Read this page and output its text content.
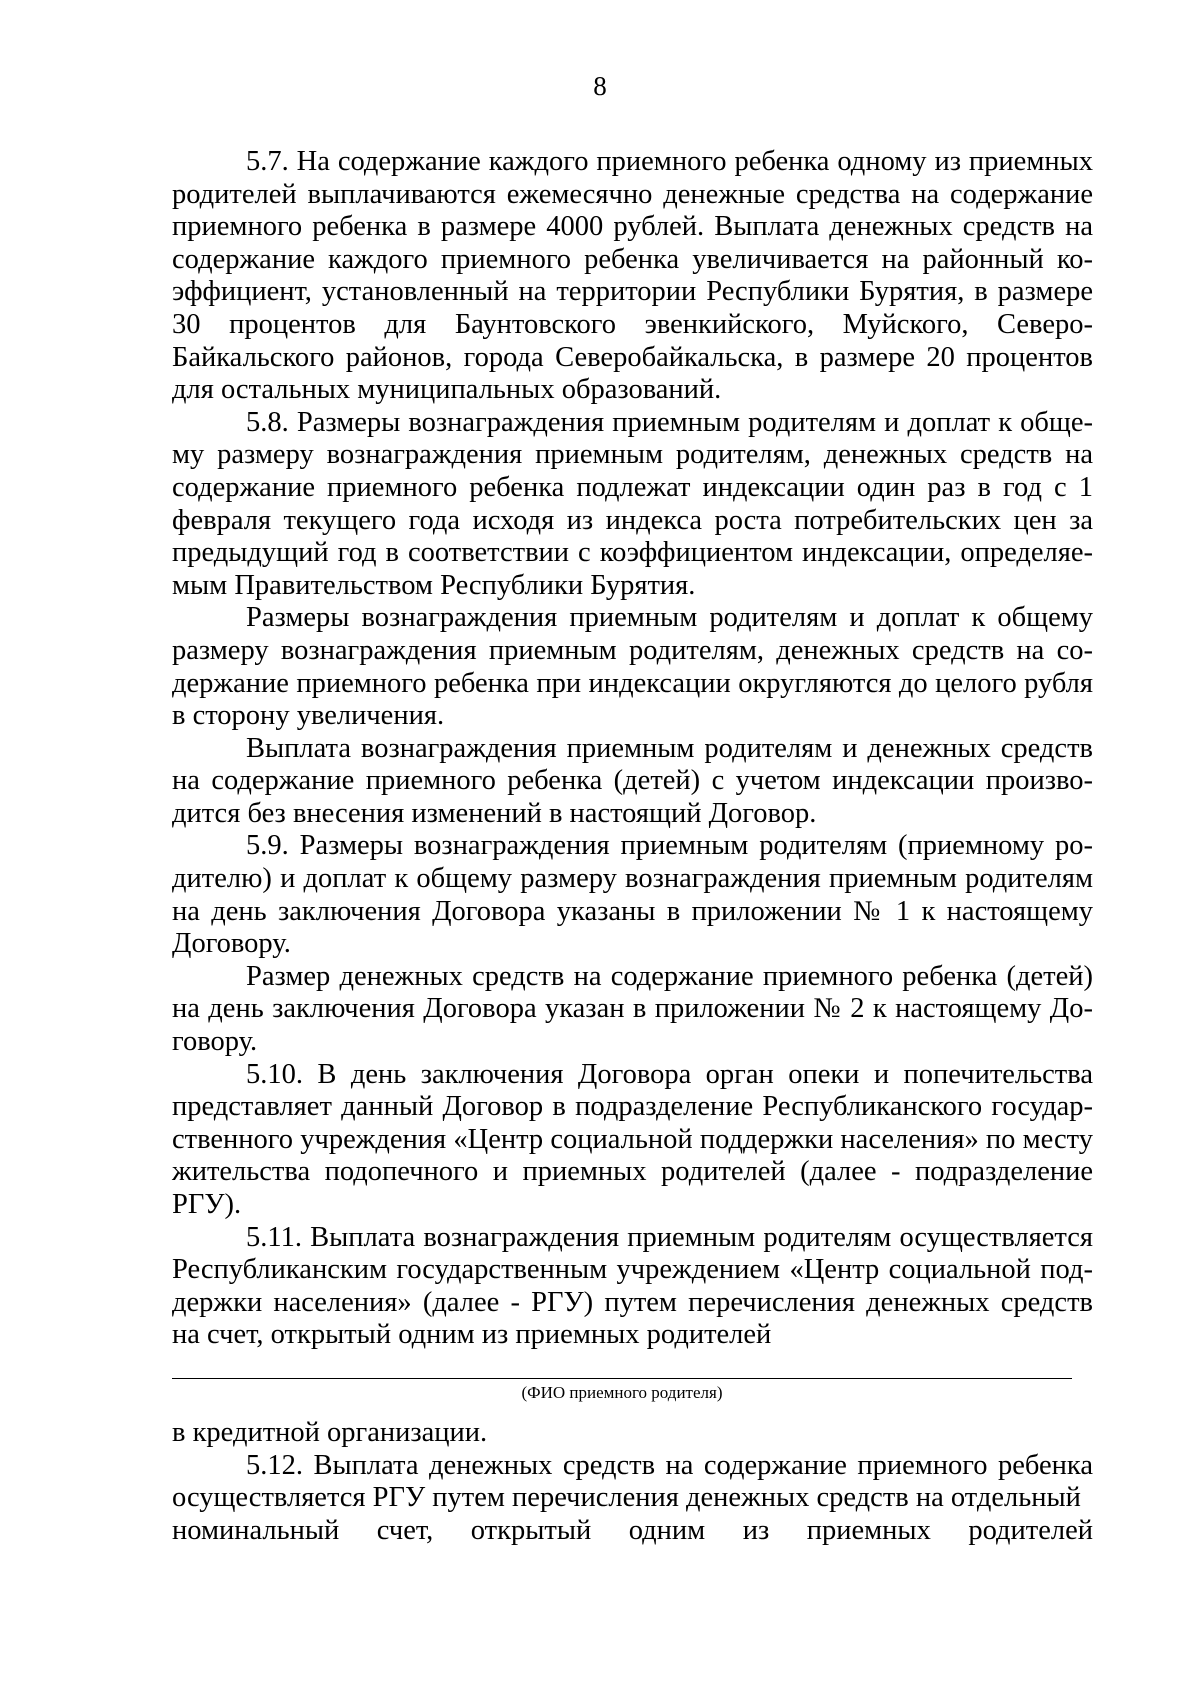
8

5.7. На содержание каждого приемного ребенка одному из приемных родителей выплачиваются ежемесячно денежные средства на содержание приемного ребенка в размере 4000 рублей. Выплата денежных средств на содержание каждого приемного ребенка увеличивается на районный коэффициент, установленный на территории Республики Бурятия, в размере 30 процентов для Баунтовского эвенкийского, Муйского, Северо-Байкальского районов, города Северобайкальска, в размере 20 процентов для остальных муниципальных образований.

5.8. Размеры вознаграждения приемным родителям и доплат к общему размеру вознаграждения приемным родителям, денежных средств на содержание приемного ребенка подлежат индексации один раз в год с 1 февраля текущего года исходя из индекса роста потребительских цен за предыдущий год в соответствии с коэффициентом индексации, определяемым Правительством Республики Бурятия.

Размеры вознаграждения приемным родителям и доплат к общему размеру вознаграждения приемным родителям, денежных средств на содержание приемного ребенка при индексации округляются до целого рубля в сторону увеличения.

Выплата вознаграждения приемным родителям и денежных средств на содержание приемного ребенка (детей) с учетом индексации производится без внесения изменений в настоящий Договор.

5.9. Размеры вознаграждения приемным родителям (приемному родителю) и доплат к общему размеру вознаграждения приемным родителям на день заключения Договора указаны в приложении № 1 к настоящему Договору.

Размер денежных средств на содержание приемного ребенка (детей) на день заключения Договора указан в приложении № 2 к настоящему Договору.

5.10. В день заключения Договора орган опеки и попечительства представляет данный Договор в подразделение Республиканского государственного учреждения «Центр социальной поддержки населения» по месту жительства подопечного и приемных родителей (далее - подразделение РГУ).

5.11. Выплата вознаграждения приемным родителям осуществляется Республиканским государственным учреждением «Центр социальной поддержки населения» (далее - РГУ) путем перечисления денежных средств на счет, открытый одним из приемных родителей

(ФИО приемного родителя)

в кредитной организации.

5.12. Выплата денежных средств на содержание приемного ребенка осуществляется РГУ путем перечисления денежных средств на отдельный

номинальный счет, открытый одним из приемных родителей
